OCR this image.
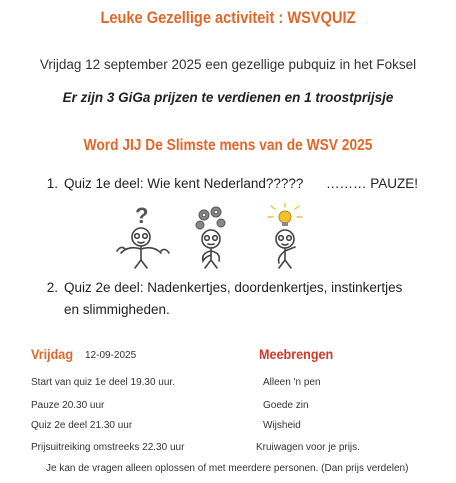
Leuke Gezellige activiteit : WSVQUIZ
Vrijdag 12 september 2025 een gezellige pubquiz in het Foksel
Er zijn 3 GiGa prijzen te verdienen en 1 troostprijsje
Word JIJ De Slimste mens van de WSV 2025
1. Quiz 1e deel: Wie kent Nederland????? ……… PAUZE!
?
2. Quiz 2e deel: Nadenkertjes, doordenkertjes, instinkertjes
en slimmigheden.
Vrijdag 12-09-2025	Meebrengen
Start van quiz 1e deel 19.30 uur.
Pauze 20.30 uur
Quiz 2e deel 21.30 uur
Prijsuitreiking omstreeks 22.30 uur
Alleen 'n pen
Goede zin
Wijsheid
Kruiwagen voor je prijs.
Je kan de vragen alleen oplossen of met meerdere personen. (Dan prijs verdelen)
